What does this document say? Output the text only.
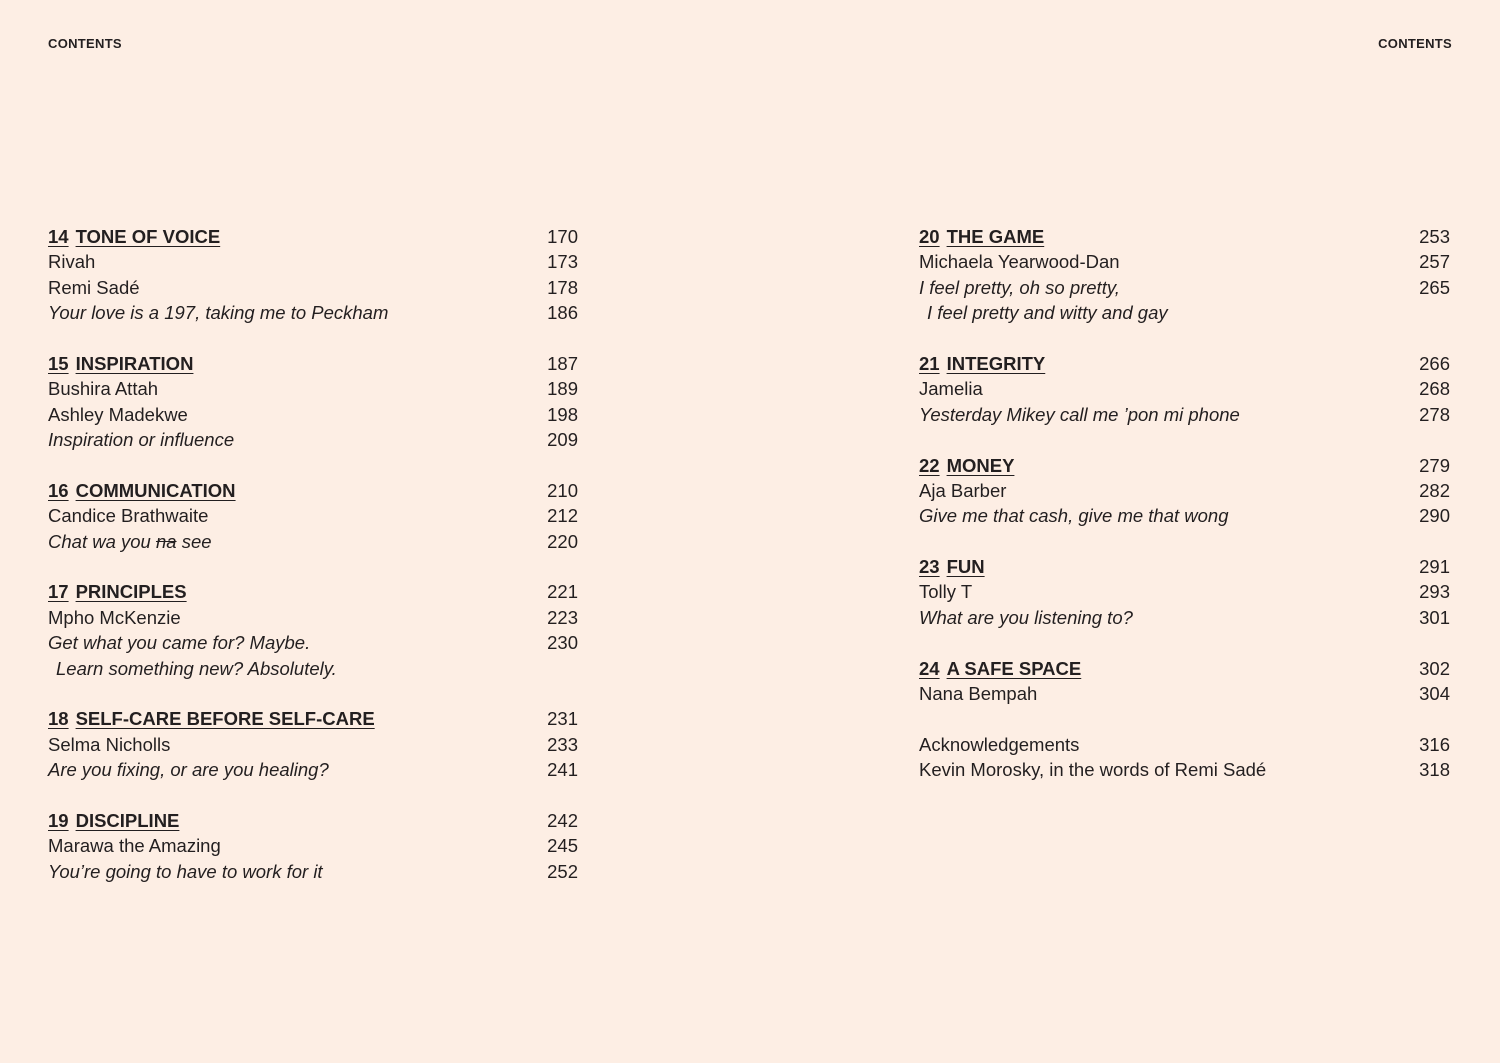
CONTENTS	CONTENTS
14 TONE OF VOICE	170
Rivah	173
Remi Sadé	178
Your love is a 197, taking me to Peckham	186
15 INSPIRATION	187
Bushira Attah	189
Ashley Madekwe	198
Inspiration or influence	209
16 COMMUNICATION	210
Candice Brathwaite	212
Chat wa you na see	220
17 PRINCIPLES	221
Mpho McKenzie	223
Get what you came for? Maybe.	230
Learn something new? Absolutely.
18 SELF-CARE BEFORE SELF-CARE	231
Selma Nicholls	233
Are you fixing, or are you healing?	241
19 DISCIPLINE	242
Marawa the Amazing	245
You’re going to have to work for it	252
20 THE GAME	253
Michaela Yearwood-Dan	257
I feel pretty, oh so pretty,	265
I feel pretty and witty and gay
21 INTEGRITY	266
Jamelia	268
Yesterday Mikey call me ’pon mi phone	278
22 MONEY	279
Aja Barber	282
Give me that cash, give me that wong	290
23 FUN	291
Tolly T	293
What are you listening to?	301
24 A SAFE SPACE	302
Nana Bempah	304
Acknowledgements	316
Kevin Morosky, in the words of Remi Sadé	318
